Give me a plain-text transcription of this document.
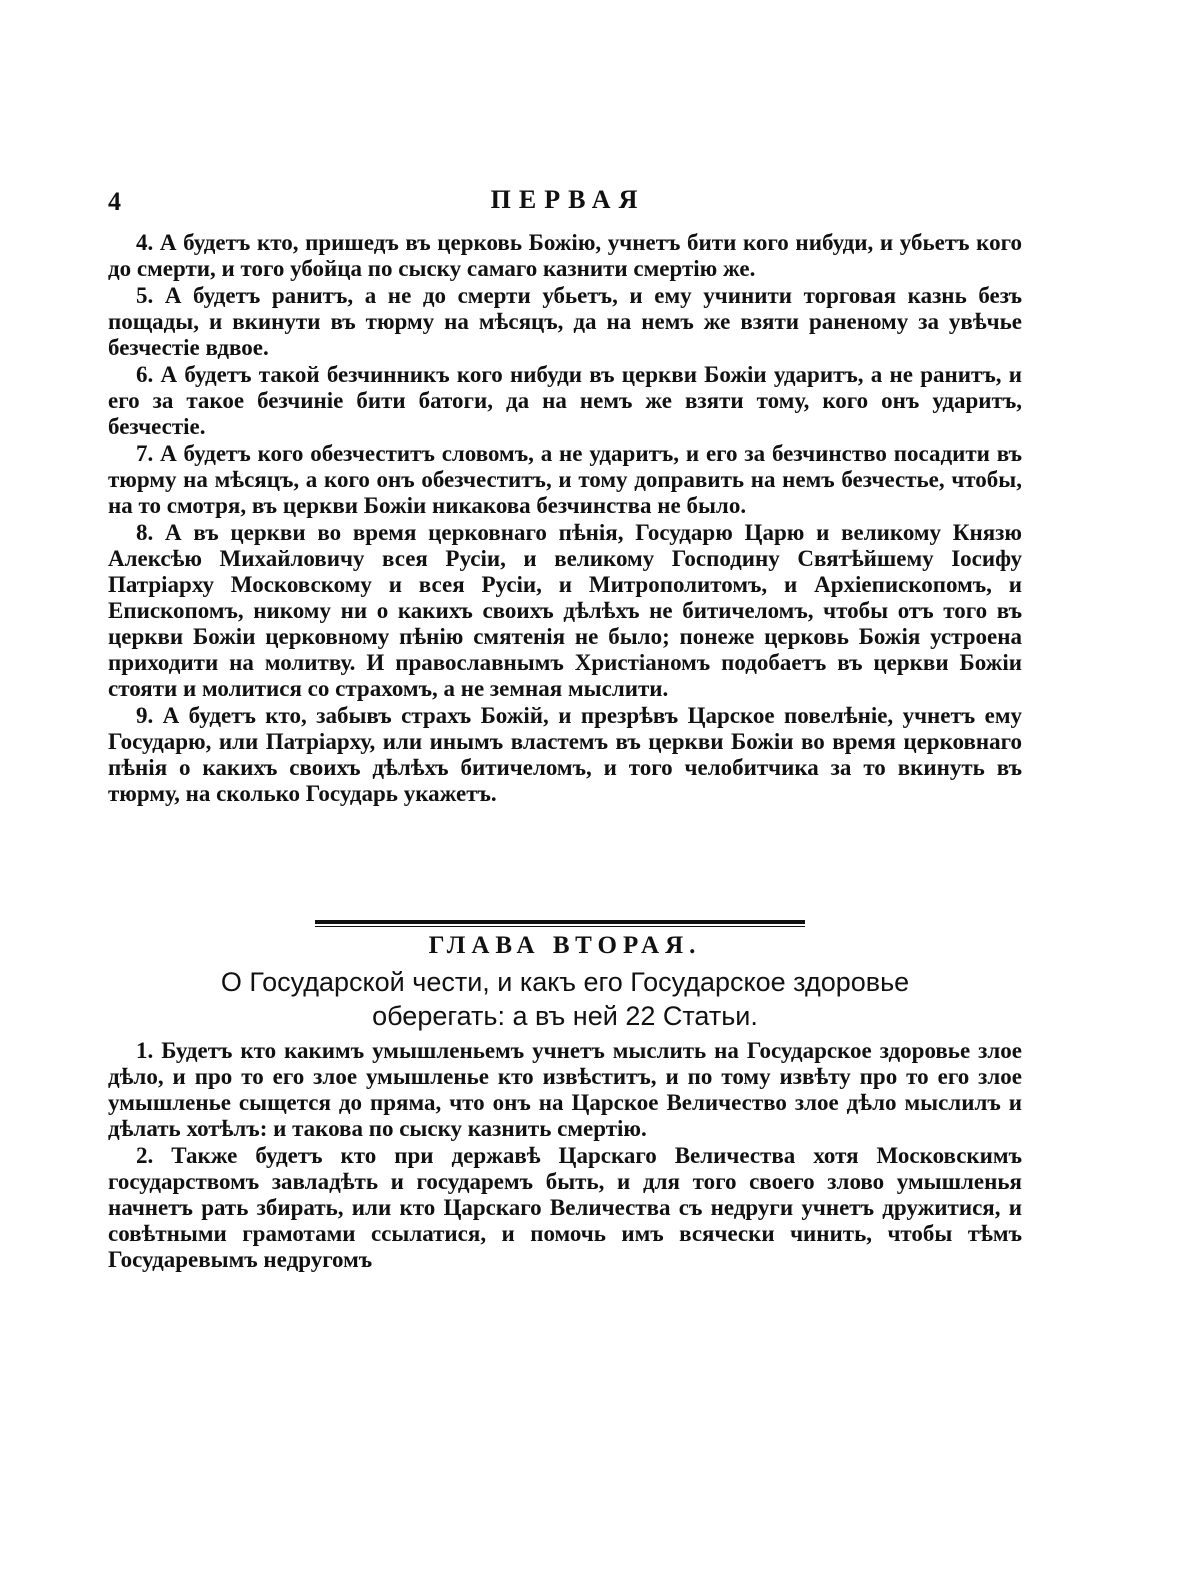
4	ПЕРВАЯ

4. А будетъ кто, пришедъ въ церковь Божію, учнетъ бити кого нибуди, и убьетъ кого до смерти, и того убойца по сыску самаго казнити смертію же.

5. А будетъ ранитъ, а не до смерти убьетъ, и ему учинити торговая казнь безъ пощады, и вкинути въ тюрму на мѣсяцъ, да на немъ же взяти раненому за увѣчье безчестіе вдвое.

6. А будетъ такой безчинникъ кого нибуди въ церкви Божіи ударитъ, а не ранитъ, и его за такое безчиніе бити батоги, да на немъ же взяти тому, кого онъ ударитъ, безчестіе.

7. А будетъ кого обезчеститъ словомъ, а не ударитъ, и его за безчинство посадити въ тюрму на мѣсяцъ, а кого онъ обезчеститъ, и тому доправить на немъ безчестье, чтобы, на то смотря, въ церкви Божіи никакова безчинства не было.

8. А въ церкви во время церковнаго пѣнія, Государю Царю и великому Князю Алексѣю Михайловичу всея Русіи, и великому Господину Святѣйшему Іосифу Патріарху Московскому и всея Русіи, и Митрополитомъ, и Архіепископомъ, и Епископомъ, никому ни о какихъ своихъ дѣлѣхъ не битичеломъ, чтобы отъ того въ церкви Божіи церковному пѣнію смятенія не было; понеже церковь Божія устроена приходити на молитву. И православнымъ Христіаномъ подобаетъ въ церкви Божіи стояти и молитися со страхомъ, а не земная мыслити.

9. А будетъ кто, забывъ страхъ Божій, и презрѣвъ Царское повелѣніе, учнетъ ему Государю, или Патріарху, или инымъ властемъ въ церкви Божіи во время церковнаго пѣнія о какихъ своихъ дѣлѣхъ битичеломъ, и того челобитчика за то вкинуть въ тюрму, на сколько Государь укажетъ.

ГЛАВА ВТОРАЯ.
О Государской чести, и какъ его Государское здоровье оберегать: а въ ней 22 Статьи.

1. Будетъ кто какимъ умышленьемъ учнетъ мыслить на Государское здоровье злое дѣло, и про то его злое умышленье кто извѣститъ, и по тому извѣту про то его злое умышленье сыщется до пряма, что онъ на Царское Величество злое дѣло мыслилъ и дѣлать хотѣлъ: и такова по сыску казнить смертію.

2. Также будетъ кто при державѣ Царскаго Величества хотя Московскимъ государствомъ завладѣть и государемъ быть, и для того своего злово умышленья начнетъ рать збирать, или кто Царскаго Величества съ недруги учнетъ дружитися, и совѣтными грамотами ссылатися, и помочь имъ всячески чинить, чтобы тѣмъ Государевымъ недругомъ
